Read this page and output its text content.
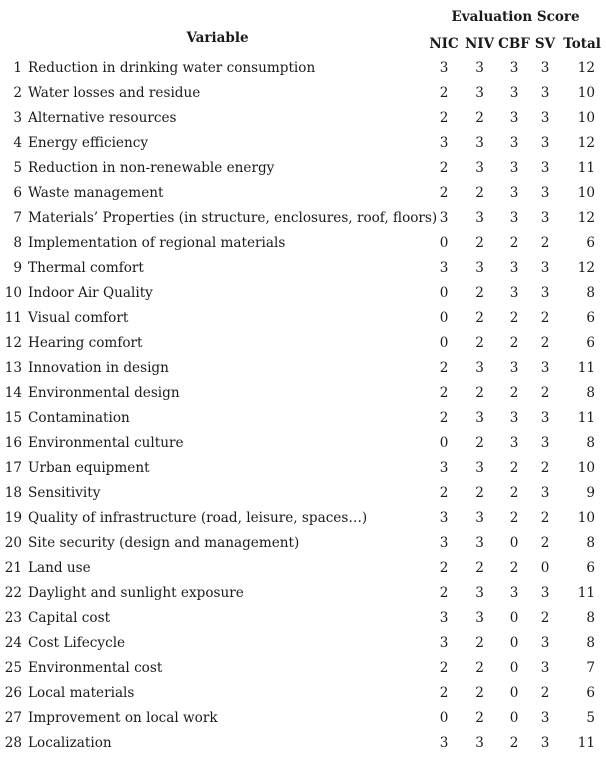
Variable		Evaluation Score				
		NIC	NIV	CBF	SV	Total
1	Reduction in drinking water consumption	3	3	3	3	12
2	Water losses and residue	2	3	3	3	10
3	Alternative resources	2	2	3	3	10
4	Energy efficiency	3	3	3	3	12
5	Reduction in non-renewable energy	2	3	3	3	11
6	Waste management	2	2	3	3	10
7	Materials’ Properties (in structure, enclosures, roof, floors)	3	3	3	3	12
8	Implementation of regional materials	0	2	2	2	6
9	Thermal comfort	3	3	3	3	12
10	Indoor Air Quality	0	2	3	3	8
11	Visual comfort	0	2	2	2	6
12	Hearing comfort	0	2	2	2	6
13	Innovation in design	2	3	3	3	11
14	Environmental design	2	2	2	2	8
15	Contamination	2	3	3	3	11
16	Environmental culture	0	2	3	3	8
17	Urban equipment	3	3	2	2	10
18	Sensitivity	2	2	2	3	9
19	Quality of infrastructure (road, leisure, spaces…)	3	3	2	2	10
20	Site security (design and management)	3	3	0	2	8
21	Land use	2	2	2	0	6
22	Daylight and sunlight exposure	2	3	3	3	11
23	Capital cost	3	3	0	2	8
24	Cost Lifecycle	3	2	0	3	8
25	Environmental cost	2	2	0	3	7
26	Local materials	2	2	0	2	6
27	Improvement on local work	0	2	0	3	5
28	Localization	3	3	2	3	11
